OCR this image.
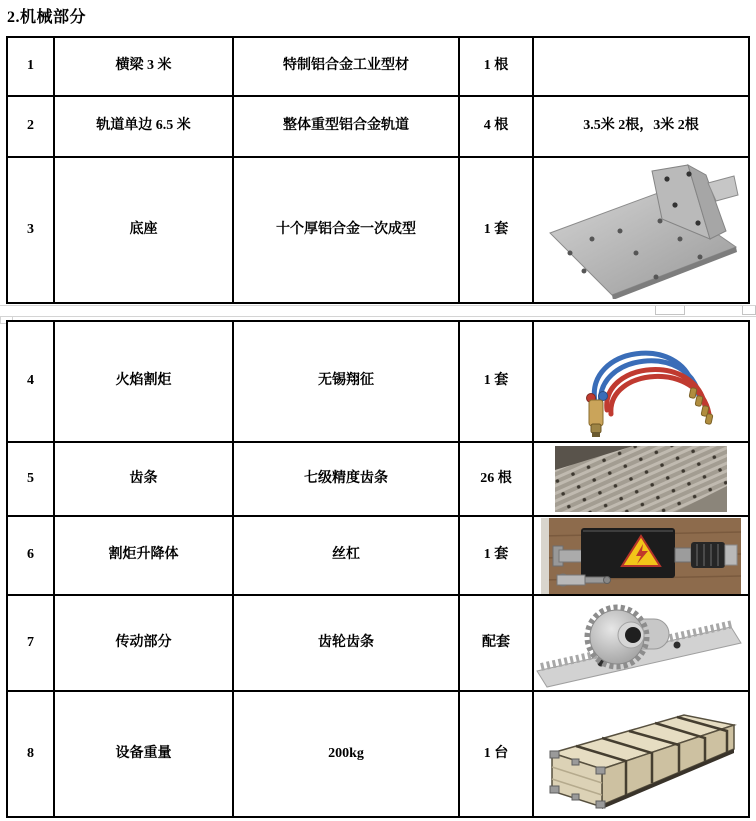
2.机械部分
1	横梁 3 米	特制铝合金工业型材	1 根
2	轨道单边 6.5 米	整体重型铝合金轨道	4 根	3.5米 2根，3米 2根
3	底座	十个厚铝合金一次成型	1 套
4	火焰割炬	无锡翔征	1 套
5	齿条	七级精度齿条	26 根
6	割炬升降体	丝杠	1 套
7	传动部分	齿轮齿条	配套
8	设备重量	200kg	1 台
